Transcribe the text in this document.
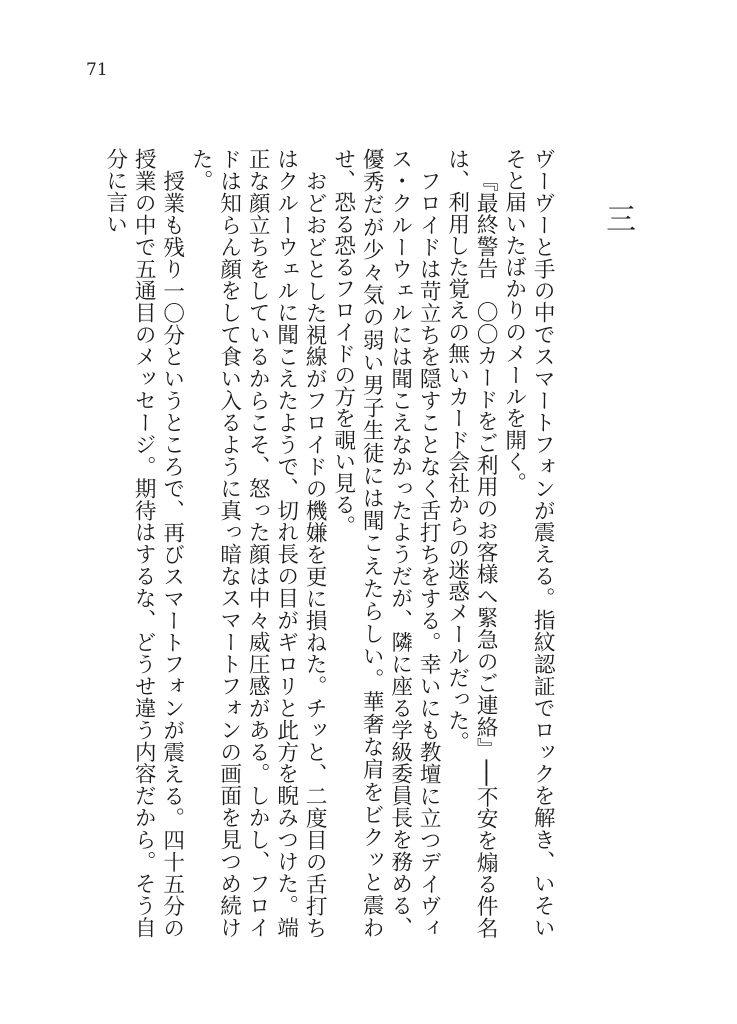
71
三

ヴーヴーと手の中でスマートフォンが震える。指紋認証でロックを解き、いそいそと届いたばかりのメールを開く。

『最終警告　〇〇カードをご利用のお客様へ緊急のご連絡』──不安を煽る件名は、利用した覚えの無いカード会社からの迷惑メールだった。

フロイドは苛立ちを隠すことなく舌打ちをする。幸いにも教壇に立つデイヴィス・クルーウェルには聞こえなかったようだが、隣に座る学級委員長を務める、優秀だが少々気の弱い男子生徒には聞こえたらしい。華奢な肩をビクッと震わせ、恐る恐るフロイドの方を覗い見る。

おどおどとした視線がフロイドの機嫌を更に損ねた。チッと、二度目の舌打ちはクルーウェルに聞こえたようで、切れ長の目がギロリと此方を睨みつけた。端正な顔立ちをしているからこそ、怒った顔は中々威圧感がある。しかし、フロイドは知らん顔をして食い入るように真っ暗なスマートフォンの画面を見つめ続けた。

授業も残り一〇分というところで、再びスマートフォンが震える。四十五分の授業の中で五通目のメッセージ。期待はするな、どうせ違う内容だから。そう自分に言い
